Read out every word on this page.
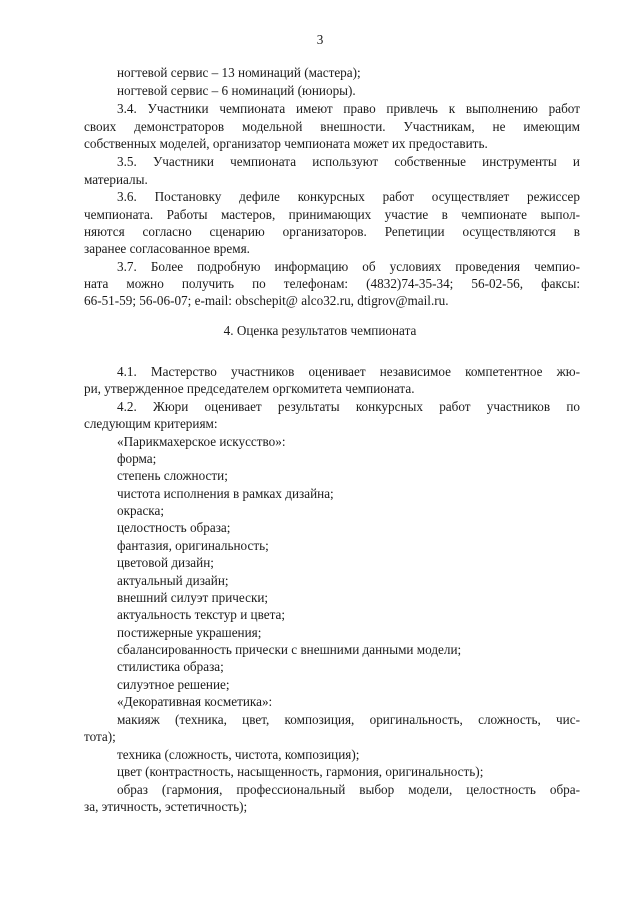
3
ногтевой сервис – 13 номинаций (мастера);
ногтевой сервис – 6 номинаций (юниоры).
3.4. Участники чемпионата имеют право привлечь к выполнению работ
своих демонстраторов модельной внешности. Участникам, не имеющим
собственных моделей, организатор чемпионата может их предоставить.
3.5. Участники чемпионата используют собственные инструменты и
материалы.
3.6. Постановку дефиле конкурсных работ осуществляет режиссер
чемпионата. Работы мастеров, принимающих участие в чемпионате выпол-
няются согласно сценарию организаторов. Репетиции осуществляются в
заранее согласованное время.
3.7. Более подробную информацию об условиях проведения чемпио-
ната можно получить по телефонам: (4832)74-35-34; 56-02-56, факсы:
66-51-59; 56-06-07; e-mail: obschepit@ alco32.ru, dtigrov@mail.ru.
4. Оценка результатов чемпионата
4.1. Мастерство участников оценивает независимое компетентное жю-
ри, утвержденное председателем оргкомитета чемпионата.
4.2. Жюри оценивает результаты конкурсных работ участников по
следующим критериям:
«Парикмахерское искусство»:
форма;
степень сложности;
чистота исполнения в рамках дизайна;
окраска;
целостность образа;
фантазия, оригинальность;
цветовой дизайн;
актуальный дизайн;
внешний силуэт прически;
актуальность текстур и цвета;
постижерные украшения;
сбалансированность прически с внешними данными модели;
стилистика образа;
силуэтное решение;
«Декоративная косметика»:
макияж (техника, цвет, композиция, оригинальность, сложность, чис-
тота);
техника (сложность, чистота, композиция);
цвет (контрастность, насыщенность, гармония, оригинальность);
образ (гармония, профессиональный выбор модели, целостность обра-
за, этичность, эстетичность);
